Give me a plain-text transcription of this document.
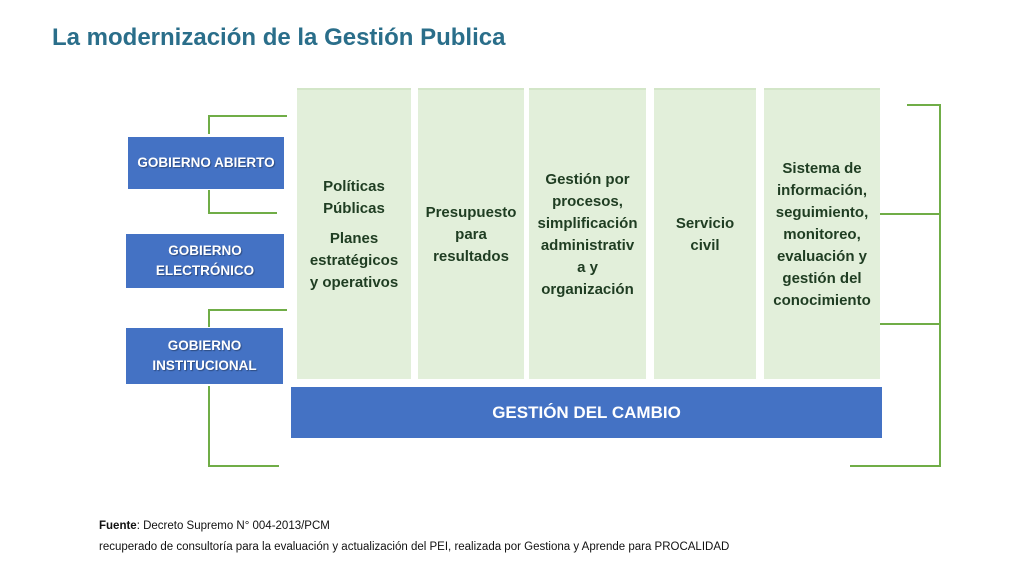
La modernización de la Gestión Publica
GOBIERNO ABIERTO
GOBIERNO ELECTRÓNICO
GOBIERNO INSTITUCIONAL
Políticas Públicas
Planes estratégicos y operativos
Presupuesto para resultados
Gestión por procesos, simplificación administrativ a y organización
Servicio civil
Sistema de información, seguimiento, monitoreo, evaluación y gestión del conocimiento
GESTIÓN DEL CAMBIO
Fuente: Decreto Supremo N° 004-2013/PCM
recuperado de consultoría para la evaluación y actualización del PEI, realizada por Gestiona y Aprende para PROCALIDAD
